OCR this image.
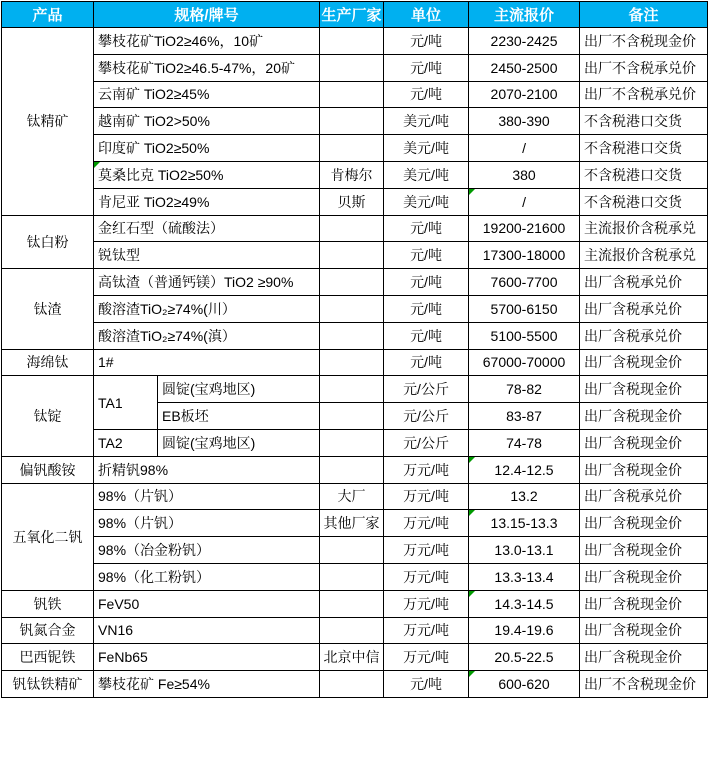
产品	规格/牌号		生产厂家	单位	主流报价	备注
钛精矿	攀枝花矿TiO2≥46%，10矿			元/吨	2230-2425	出厂不含税现金价
	攀枝花矿TiO2≥46.5-47%，20矿			元/吨	2450-2500	出厂不含税承兑价
	云南矿 TiO2≥45%			元/吨	2070-2100	出厂不含税承兑价
	越南矿 TiO2>50%			美元/吨	380-390	不含税港口交货
	印度矿 TiO2≥50%			美元/吨	/	不含税港口交货
	莫桑比克 TiO2≥50%		肯梅尔	美元/吨	380	不含税港口交货
	肯尼亚 TiO2≥49%		贝斯	美元/吨	/	不含税港口交货
钛白粉	金红石型（硫酸法）			元/吨	19200-21600	主流报价含税承兑
	锐钛型			元/吨	17300-18000	主流报价含税承兑
钛渣	高钛渣（普通钙镁）TiO2 ≥90%			元/吨	7600-7700	出厂含税承兑价
	酸溶渣TiO₂≥74%(川）			元/吨	5700-6150	出厂含税承兑价
	酸溶渣TiO₂≥74%(滇）			元/吨	5100-5500	出厂含税承兑价
海绵钛	1#			元/吨	67000-70000	出厂含税现金价
钛锭	TA1	圆锭(宝鸡地区)		元/公斤	78-82	出厂含税现金价
		EB板坯		元/公斤	83-87	出厂含税现金价
	TA2	圆锭(宝鸡地区)		元/公斤	74-78	出厂含税现金价
偏钒酸铵	折精钒98%			万元/吨	12.4-12.5	出厂含税现金价
五氧化二钒	98%（片钒）		大厂	万元/吨	13.2	出厂含税承兑价
	98%（片钒）		其他厂家	万元/吨	13.15-13.3	出厂含税现金价
	98%（冶金粉钒）			万元/吨	13.0-13.1	出厂含税现金价
	98%（化工粉钒）			万元/吨	13.3-13.4	出厂含税现金价
钒铁	FeV50			万元/吨	14.3-14.5	出厂含税现金价
钒氮合金	VN16			万元/吨	19.4-19.6	出厂含税现金价
巴西铌铁	FeNb65		北京中信	万元/吨	20.5-22.5	出厂含税现金价
钒钛铁精矿	攀枝花矿 Fe≥54%			元/吨	600-620	出厂不含税现金价
